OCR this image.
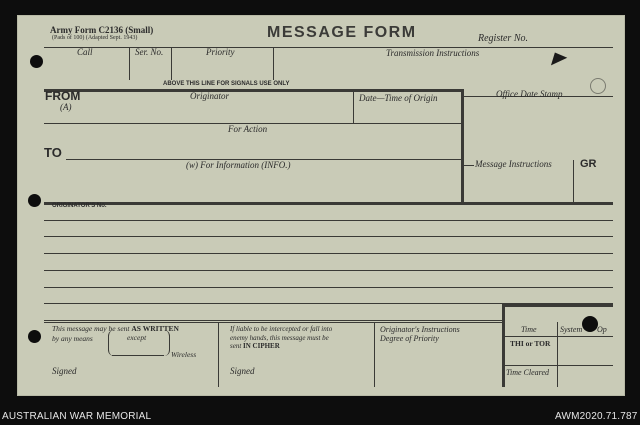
Army Form C2136 (Small)
(Pads of 100) (Adapted Sept. 1943)	MESSAGE FORM	Register No.
Call	Ser. No.	Priority	Transmission Instructions
ABOVE THIS LINE FOR SIGNALS USE ONLY
FROM
(A)
Originator	Date—Time of Origin	Office Date Stamp
For Action
TO
(w) For Information (INFO.)	Message Instructions	GR
ORIGINATOR'S No.
This message may be sent AS WRITTEN
by any means	except
Wireless
Signed
If liable to be intercepted or fall into
enemy hands, this message must be
sent IN CIPHER
Signed
Originator's Instructions
Degree of Priority
Time	System Op
THI or TOR
Time Cleared
AUSTRALIAN WAR MEMORIAL	AWM2020.71.787
